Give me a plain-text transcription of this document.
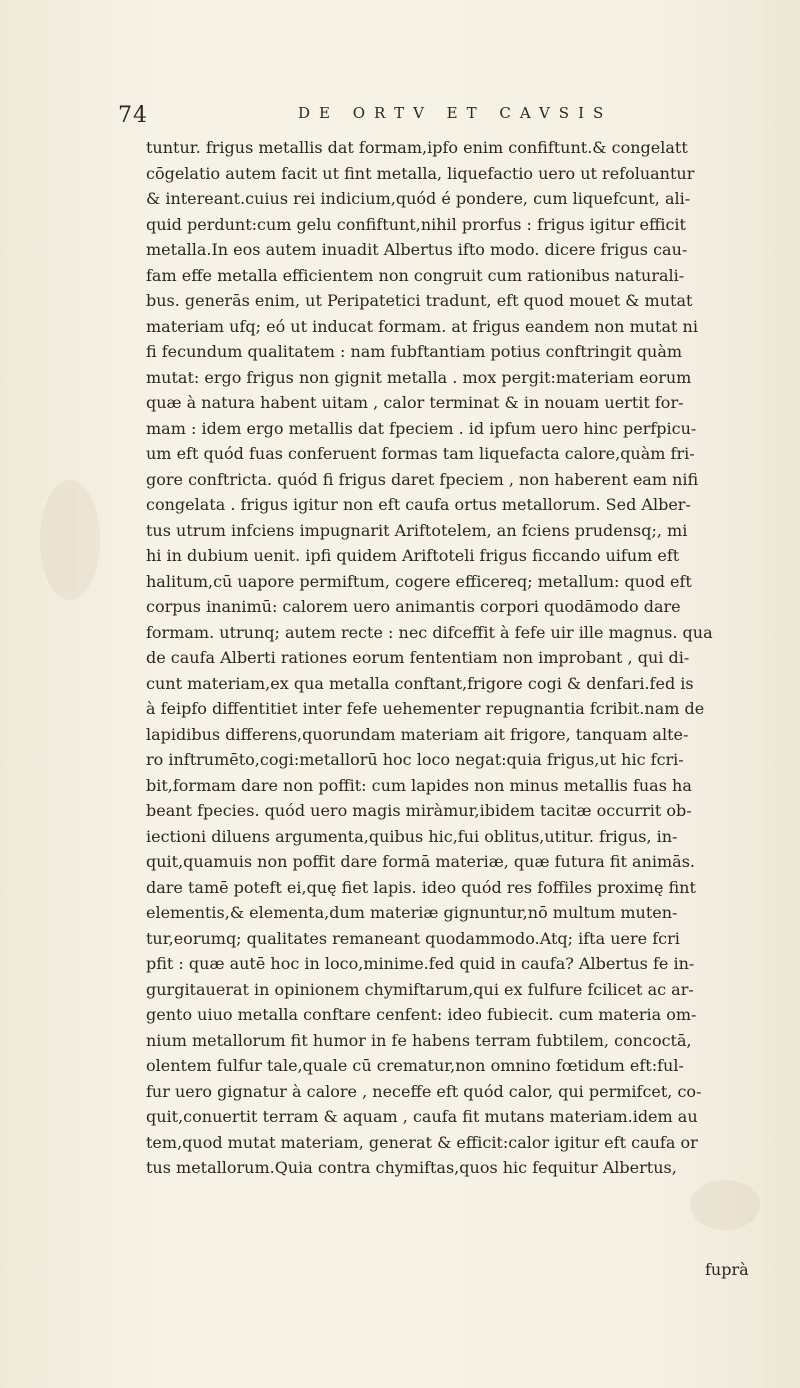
74	DE ORTV ET CAVSIS
tuntur. frigus metallis dat formam,ipfo enim confiftunt.& congelatt
cōgelatio autem facit ut fint metalla, liquefactio uero ut refoluantur
& intereant.cuius rei indicium,quód é pondere, cum liquefcunt, ali-
quid perdunt:cum gelu confiftunt,nihil prorfus : frigus igitur efficit
metalla.In eos autem inuadit Albertus ifto modo. dicere frigus cau-
fam effe metalla efficientem non congruit cum rationibus naturali-
bus. generās enim, ut Peripatetici tradunt, eft quod mouet & mutat
materiam ufq; eó ut inducat formam. at frigus eandem non mutat ni
fi fecundum qualitatem : nam fubftantiam potius conftringit quàm
mutat: ergo frigus non gignit metalla . mox pergit:materiam eorum
quæ à natura habent uitam , calor terminat & in nouam uertit for-
mam : idem ergo metallis dat fpeciem . id ipfum uero hinc perfpicu-
um eft quód fuas conferuent formas tam liquefacta calore,quàm fri-
gore conftricta. quód fi frigus daret fpeciem , non haberent eam nifi
congelata . frigus igitur non eft caufa ortus metallorum. Sed Alber-
tus utrum infciens impugnarit Ariftotelem, an fciens prudensq;, mi
hi in dubium uenit. ipfi quidem Ariftoteli frigus ficcando uifum eft
halitum,cū uapore permiftum, cogere efficereq; metallum: quod eft
corpus inanimū: calorem uero animantis corpori quodāmodo dare
formam. utrunq; autem recte : nec difceffit à fefe uir ille magnus. qua
de caufa Alberti rationes eorum fententiam non improbant , qui di-
cunt materiam,ex qua metalla conftant,frigore cogi & denfari.fed is
à feipfo diffentitiet inter fefe uehementer repugnantia fcribit.nam de
lapidibus differens,quorundam materiam ait frigore, tanquam alte-
ro inftrumēto,cogi:metallorū hoc loco negat:quia frigus,ut hic fcri-
bit,formam dare non poffit: cum lapides non minus metallis fuas ha
beant fpecies. quód uero magis miràmur,ibidem tacitæ occurrit ob-
iectioni diluens argumenta,quibus hic,fui oblitus,utitur. frigus, in-
quit,quamuis non poffit dare formā materiæ, quæ futura fit animās.
dare tamē poteft ei,quę fiet lapis. ideo quód res foffiles proximę fint
elementis,& elementa,dum materiæ gignuntur,nō multum muten-
tur,eorumq; qualitates remaneant quodammodo.Atq; ifta uere fcri
pfit : quæ autē hoc in loco,minime.fed quid in caufa? Albertus fe in-
gurgitauerat in opinionem chymiftarum,qui ex fulfure fcilicet ac ar-
gento uiuo metalla conftare cenfent: ideo fubiecit. cum materia om-
nium metallorum fit humor in fe habens terram fubtilem, concoctā,
olentem fulfur tale,quale cū crematur,non omnino fœtidum eft:ful-
fur uero gignatur à calore , neceffe eft quód calor, qui permifcet, co-
quit,conuertit terram & aquam , caufa fit mutans materiam.idem au
tem,quod mutat materiam, generat & efficit:calor igitur eft caufa or
tus metallorum.Quia contra chymiftas,quos hic fequitur Albertus,
fuprà
